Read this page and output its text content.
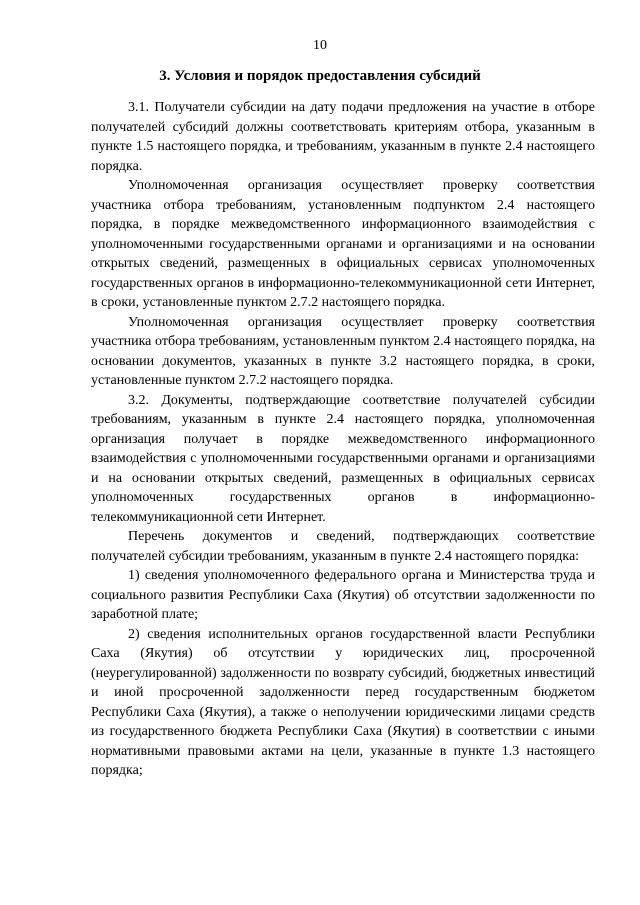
10
3. Условия и порядок предоставления субсидий

3.1. Получатели субсидии на дату подачи предложения на участие в отборе получателей субсидий должны соответствовать критериям отбора, указанным в пункте 1.5 настоящего порядка, и требованиям, указанным в пункте 2.4 настоящего порядка.

Уполномоченная организация осуществляет проверку соответствия участника отбора требованиям, установленным подпунктом 2.4 настоящего порядка, в порядке межведомственного информационного взаимодействия с уполномоченными государственными органами и организациями и на основании открытых сведений, размещенных в официальных сервисах уполномоченных государственных органов в информационно-телекоммуникационной сети Интернет, в сроки, установленные пунктом 2.7.2 настоящего порядка.

Уполномоченная организация осуществляет проверку соответствия участника отбора требованиям, установленным пунктом 2.4 настоящего порядка, на основании документов, указанных в пункте 3.2 настоящего порядка, в сроки, установленные пунктом 2.7.2 настоящего порядка.

3.2. Документы, подтверждающие соответствие получателей субсидии требованиям, указанным в пункте 2.4 настоящего порядка, уполномоченная организация получает в порядке межведомственного информационного взаимодействия с уполномоченными государственными органами и организациями и на основании открытых сведений, размещенных в официальных сервисах уполномоченных государственных органов в информационно-телекоммуникационной сети Интернет.

Перечень документов и сведений, подтверждающих соответствие получателей субсидии требованиям, указанным в пункте 2.4 настоящего порядка:

1) сведения уполномоченного федерального органа и Министерства труда и социального развития Республики Саха (Якутия) об отсутствии задолженности по заработной плате;

2) сведения исполнительных органов государственной власти Республики Саха (Якутия) об отсутствии у юридических лиц, просроченной (неурегулированной) задолженности по возврату субсидий, бюджетных инвестиций и иной просроченной задолженности перед государственным бюджетом Республики Саха (Якутия), а также о неполучении юридическими лицами средств из государственного бюджета Республики Саха (Якутия) в соответствии с иными нормативными правовыми актами на цели, указанные в пункте 1.3 настоящего порядка;
